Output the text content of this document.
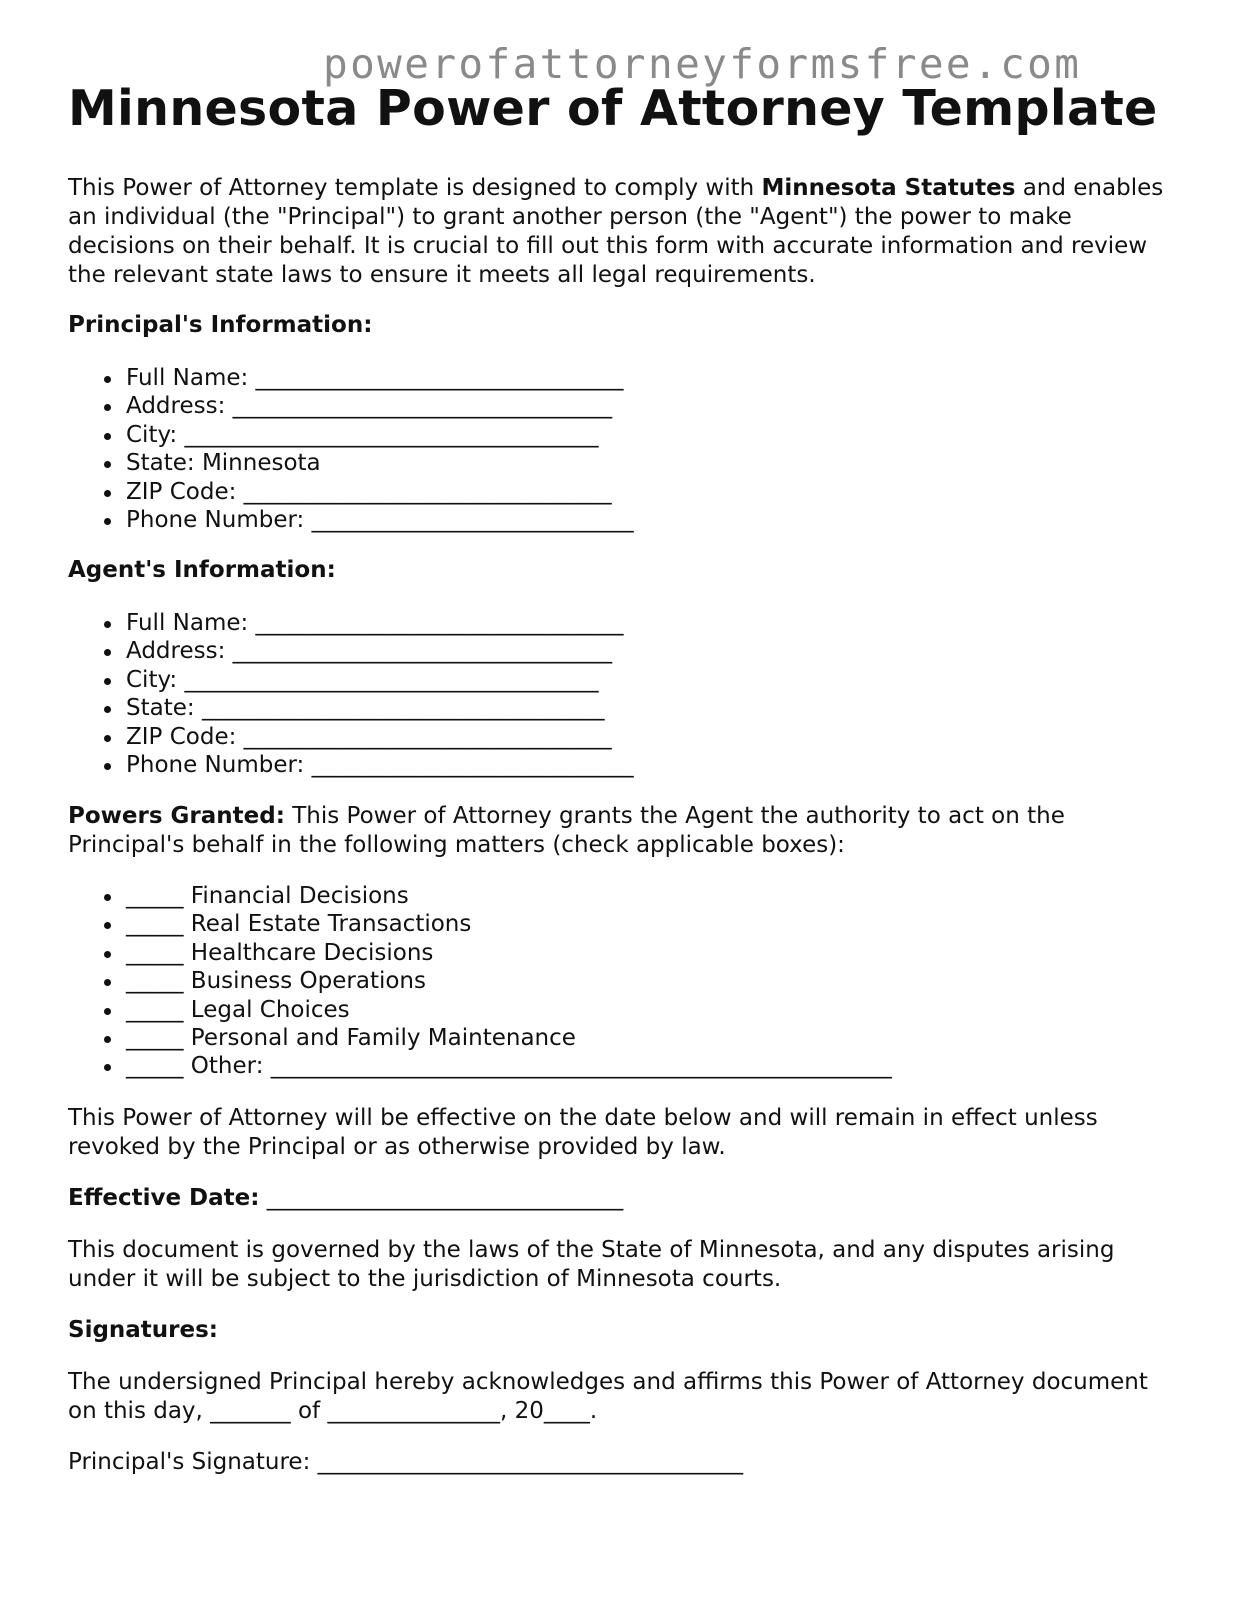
powerofattorneyformsfree.com
Minnesota Power of Attorney Template

This Power of Attorney template is designed to comply with Minnesota Statutes and enables an individual (the "Principal") to grant another person (the "Agent") the power to make decisions on their behalf. It is crucial to fill out this form with accurate information and review the relevant state laws to ensure it meets all legal requirements.

Principal's Information:
Full Name: ________________________________
Address: _________________________________
City: ____________________________________
State: Minnesota
ZIP Code: ________________________________
Phone Number: ____________________________
Agent's Information:
Full Name: ________________________________
Address: _________________________________
City: ____________________________________
State: ___________________________________
ZIP Code: ________________________________
Phone Number: ____________________________

Powers Granted: This Power of Attorney grants the Agent the authority to act on the Principal's behalf in the following matters (check applicable boxes):

_____ Financial Decisions
_____ Real Estate Transactions
_____ Healthcare Decisions
_____ Business Operations
_____ Legal Choices
_____ Personal and Family Maintenance
_____ Other: ______________________________________________________

This Power of Attorney will be effective on the date below and will remain in effect unless revoked by the Principal or as otherwise provided by law.

Effective Date: _______________________________

This document is governed by the laws of the State of Minnesota, and any disputes arising under it will be subject to the jurisdiction of Minnesota courts.

Signatures:

The undersigned Principal hereby acknowledges and affirms this Power of Attorney document on this day, _______ of _______________, 20____.

Principal's Signature: _____________________________________
